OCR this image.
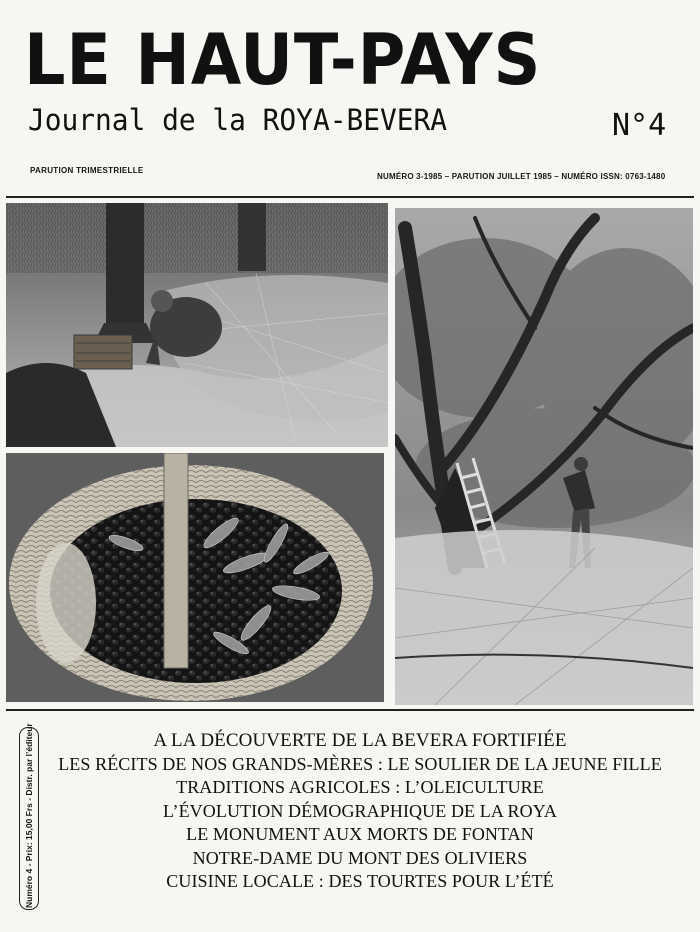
LE HAUT-PAYS
Journal de la ROYA-BEVERA	N°4
PARUTION TRIMESTRIELLE
NUMÉRO 3-1985 – PARUTION JUILLET 1985 – NUMÉRO ISSN: 0763-1480
A LA DÉCOUVERTE DE LA BEVERA FORTIFIÉE
LES RÉCITS DE NOS GRANDS-MÈRES : LE SOULIER DE LA JEUNE FILLE
TRADITIONS AGRICOLES : L’OLEICULTURE
L’ÉVOLUTION DÉMOGRAPHIQUE DE LA ROYA
LE MONUMENT AUX MORTS DE FONTAN
NOTRE-DAME DU MONT DES OLIVIERS
CUISINE LOCALE : DES TOURTES POUR L’ÉTÉ
Numéro 4 - Prix: 15,00 Frs - Distr. par l’éditeur
